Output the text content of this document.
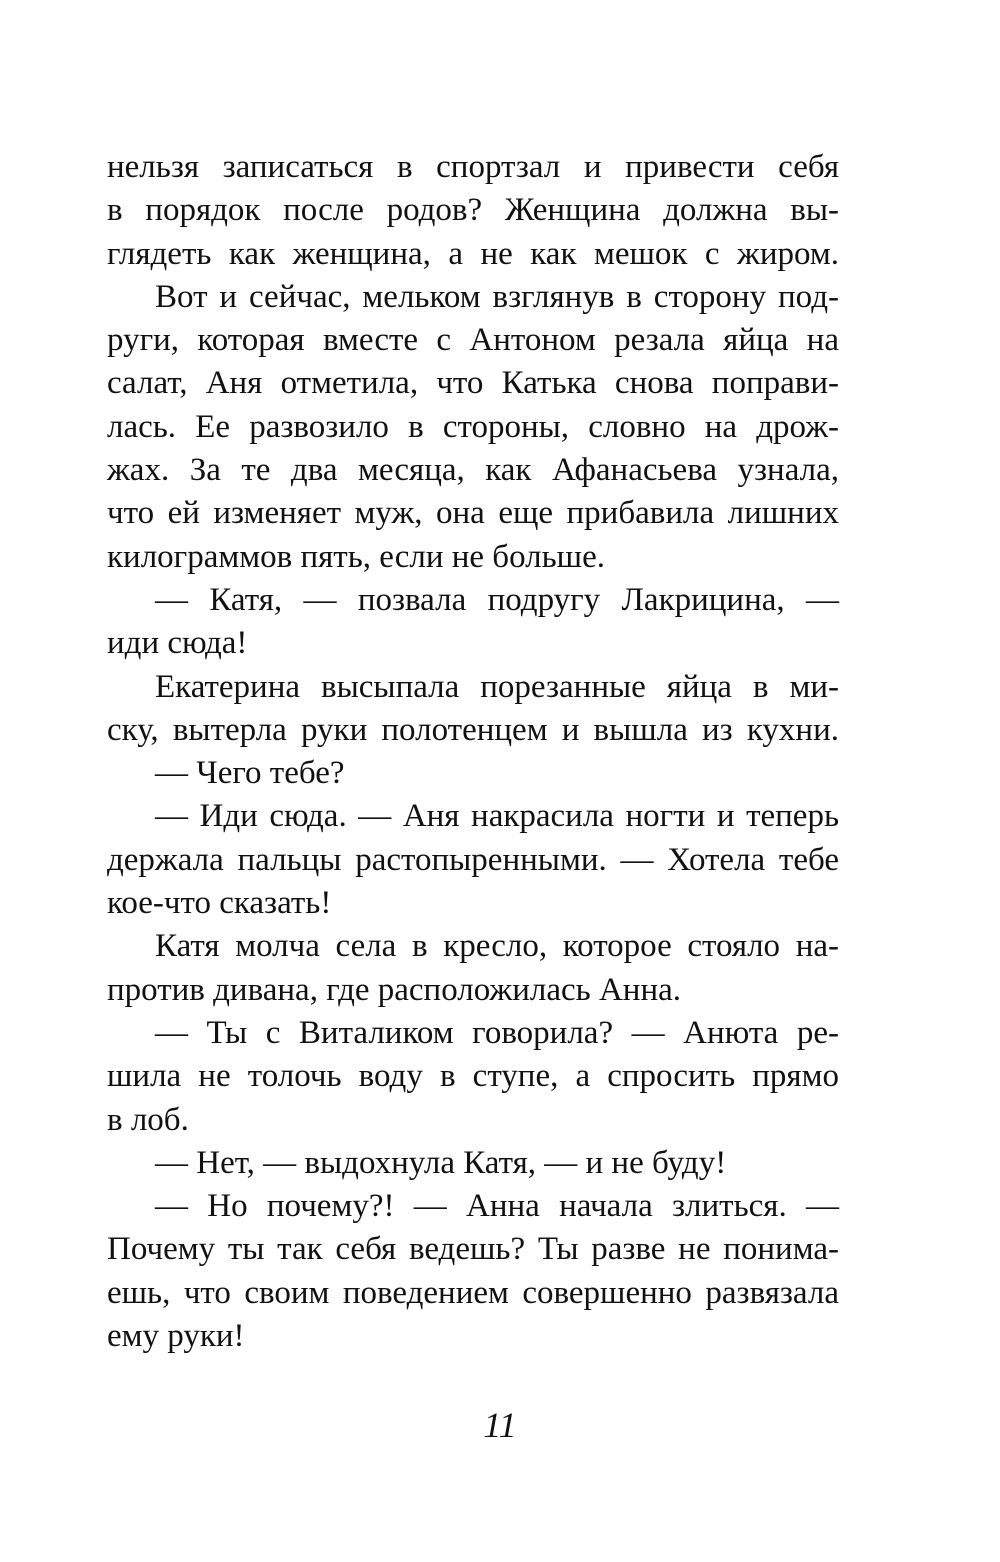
нельзя записаться в спортзал и привести себя
в порядок после родов? Женщина должна вы-
глядеть как женщина, а не как мешок с жиром.
Вот и сейчас, мельком взглянув в сторону под-
руги, которая вместе с Антоном резала яйца на
салат, Аня отметила, что Катька снова поправи-
лась. Ее развозило в стороны, словно на дрож-
жах. За те два месяца, как Афанасьева узнала,
что ей изменяет муж, она еще прибавила лишних
килограммов пять, если не больше.
— Катя, — позвала подругу Лакрицина, —
иди сюда!
Екатерина высыпала порезанные яйца в ми-
ску, вытерла руки полотенцем и вышла из кухни.
— Чего тебе?
— Иди сюда. — Аня накрасила ногти и теперь
держала пальцы растопыренными. — Хотела тебе
кое-что сказать!
Катя молча села в кресло, которое стояло на-
против дивана, где расположилась Анна.
— Ты с Виталиком говорила? — Анюта ре-
шила не толочь воду в ступе, а спросить прямо
в лоб.
— Нет, — выдохнула Катя, — и не буду!
— Но почему?! — Анна начала злиться. —
Почему ты так себя ведешь? Ты разве не понима-
ешь, что своим поведением совершенно развязала
ему руки!
11
